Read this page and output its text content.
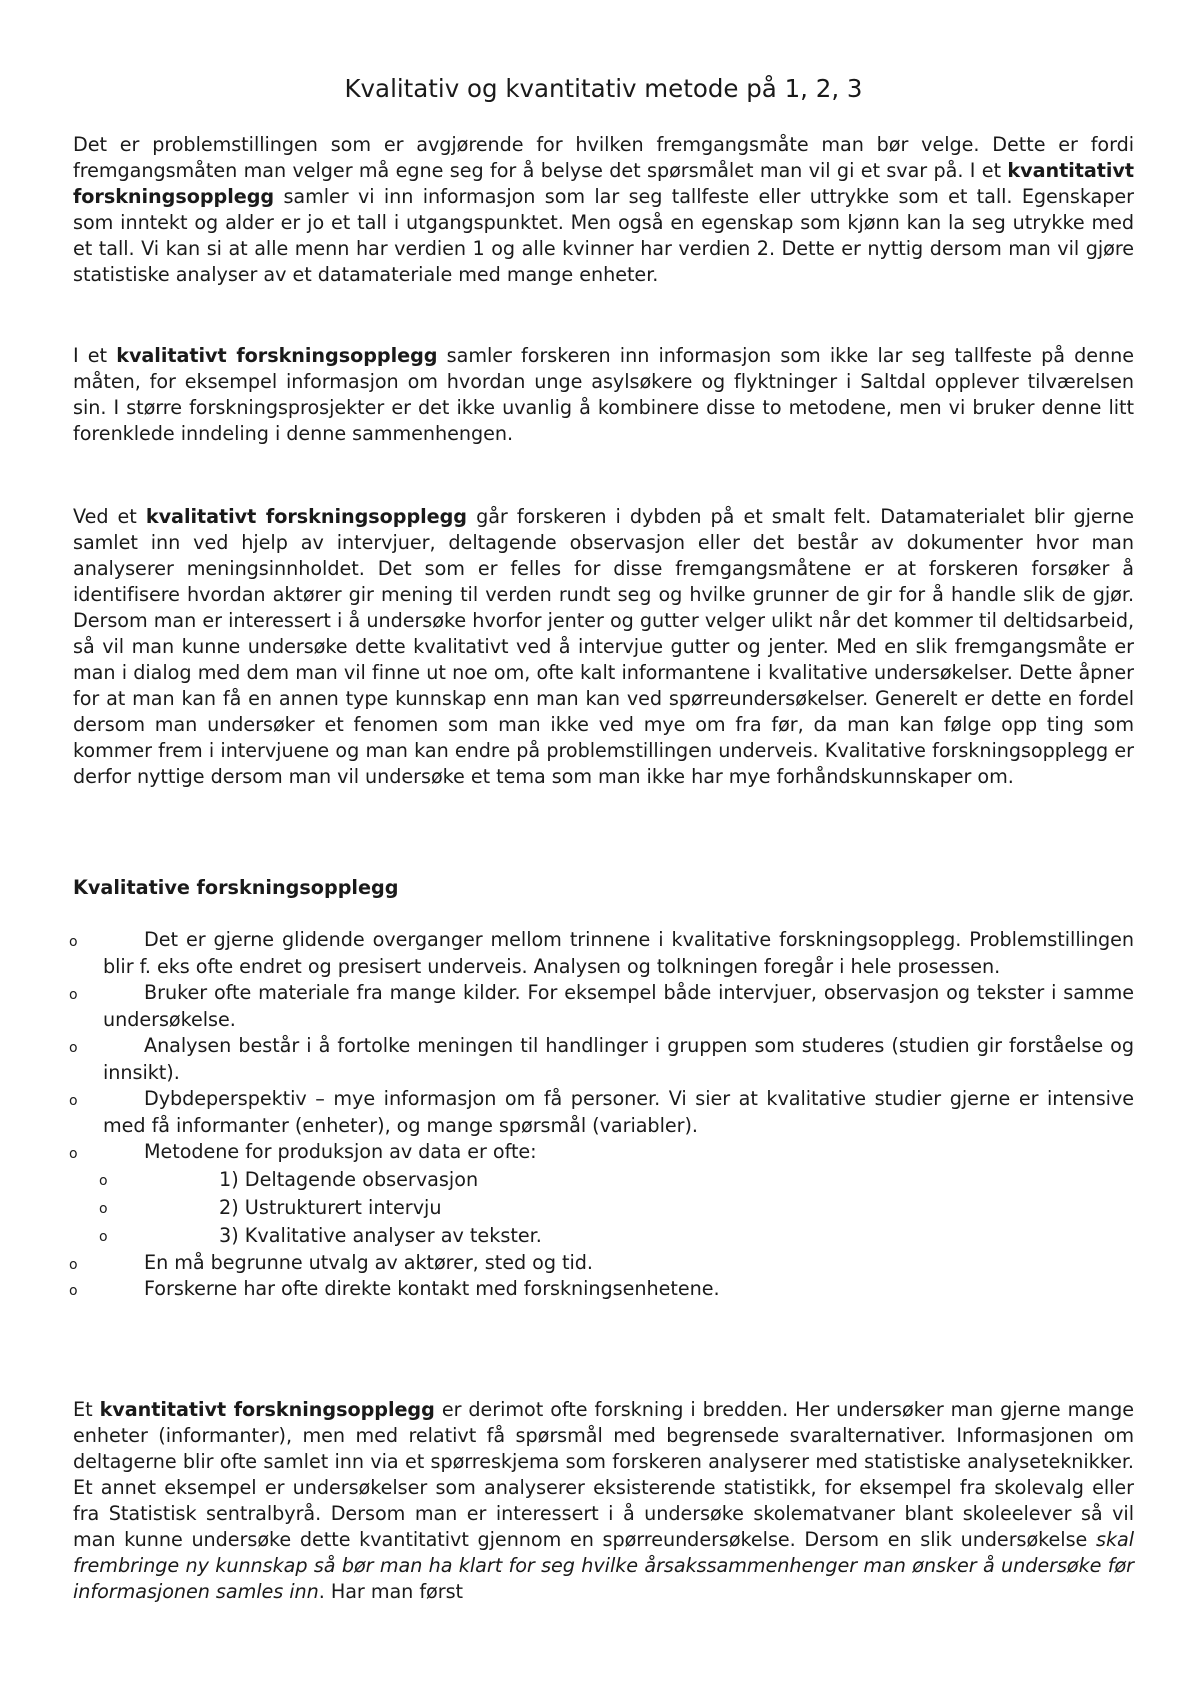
Kvalitativ og kvantitativ metode på 1, 2, 3

Det er problemstillingen som er avgjørende for hvilken fremgangsmåte man bør velge. Dette er fordi fremgangsmåten man velger må egne seg for å belyse det spørsmålet man vil gi et svar på. I et kvantitativt forskningsopplegg samler vi inn informasjon som lar seg tallfeste eller uttrykke som et tall. Egenskaper som inntekt og alder er jo et tall i utgangspunktet. Men også en egenskap som kjønn kan la seg utrykke med et tall. Vi kan si at alle menn har verdien 1 og alle kvinner har verdien 2. Dette er nyttig dersom man vil gjøre statistiske analyser av et datamateriale med mange enheter.

I et kvalitativt forskningsopplegg samler forskeren inn informasjon som ikke lar seg tallfeste på denne måten, for eksempel informasjon om hvordan unge asylsøkere og flyktninger i Saltdal opplever tilværelsen sin. I større forskningsprosjekter er det ikke uvanlig å kombinere disse to metodene, men vi bruker denne litt forenklede inndeling i denne sammenhengen.

Ved et kvalitativt forskningsopplegg går forskeren i dybden på et smalt felt. Datamaterialet blir gjerne samlet inn ved hjelp av intervjuer, deltagende observasjon eller det består av dokumenter hvor man analyserer meningsinnholdet. Det som er felles for disse fremgangsmåtene er at forskeren forsøker å identifisere hvordan aktører gir mening til verden rundt seg og hvilke grunner de gir for å handle slik de gjør. Dersom man er interessert i å undersøke hvorfor jenter og gutter velger ulikt når det kommer til deltidsarbeid, så vil man kunne undersøke dette kvalitativt ved å intervjue gutter og jenter. Med en slik fremgangsmåte er man i dialog med dem man vil finne ut noe om, ofte kalt informantene i kvalitative undersøkelser. Dette åpner for at man kan få en annen type kunnskap enn man kan ved spørreundersøkelser. Generelt er dette en fordel dersom man undersøker et fenomen som man ikke ved mye om fra før, da man kan følge opp ting som kommer frem i intervjuene og man kan endre på problemstillingen underveis. Kvalitative forskningsopplegg er derfor nyttige dersom man vil undersøke et tema som man ikke har mye forhåndskunnskaper om.

Kvalitative forskningsopplegg
o	Det er gjerne glidende overganger mellom trinnene i kvalitative forskningsopplegg. Problemstillingen blir f. eks ofte endret og presisert underveis. Analysen og tolkningen foregår i hele prosessen.
o	Bruker ofte materiale fra mange kilder. For eksempel både intervjuer, observasjon og tekster i samme undersøkelse.
o	Analysen består i å fortolke meningen til handlinger i gruppen som studeres (studien gir forståelse og innsikt).
o	Dybdeperspektiv – mye informasjon om få personer. Vi sier at kvalitative studier gjerne er intensive med få informanter (enheter), og mange spørsmål (variabler).
o	Metodene for produksjon av data er ofte:
o	1) Deltagende observasjon
o	2) Ustrukturert intervju
o	3) Kvalitative analyser av tekster.
o	En må begrunne utvalg av aktører, sted og tid.
o	Forskerne har ofte direkte kontakt med forskningsenhetene.

Et kvantitativt forskningsopplegg er derimot ofte forskning i bredden. Her undersøker man gjerne mange enheter (informanter), men med relativt få spørsmål med begrensede svaralternativer. Informasjonen om deltagerne blir ofte samlet inn via et spørreskjema som forskeren analyserer med statistiske analyseteknikker. Et annet eksempel er undersøkelser som analyserer eksisterende statistikk, for eksempel fra skolevalg eller fra Statistisk sentralbyrå. Dersom man er interessert i å undersøke skolematvaner blant skoleelever så vil man kunne undersøke dette kvantitativt gjennom en spørreundersøkelse. Dersom en slik undersøkelse skal frembringe ny kunnskap så bør man ha klart for seg hvilke årsakssammenhenger man ønsker å undersøke før informasjonen samles inn. Har man først
